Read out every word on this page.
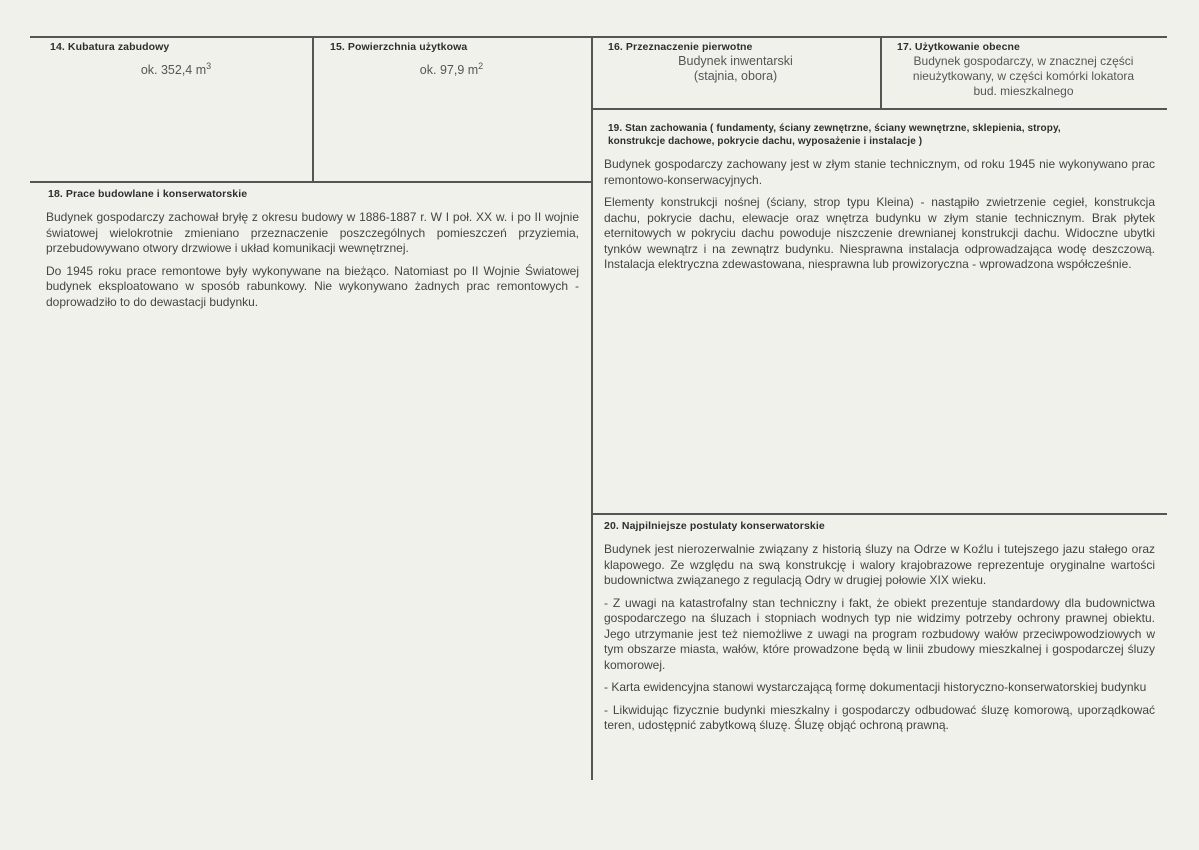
14. Kubatura zabudowy
ok. 352,4 $m^3$
15. Powierzchnia użytkowa
ok. 97,9 $m^2$
16. Przeznaczenie pierwotne
Budynek inwentarski
(stajnia, obora)
17. Użytkowanie obecne
Budynek gospodarczy, w znacznej części
nieużytkowany, w części komórki lokatora
bud. mieszkalnego
18. Prace budowlane i konserwatorskie

Budynek gospodarczy zachował bryłę z okresu budowy w 1886-1887 r. W I poł. XX w. i po II wojnie światowej wielokrotnie zmieniano przeznaczenie poszczególnych pomieszczeń przyziemia, przebudowywano otwory drzwiowe i układ komunikacji wewnętrznej.

Do 1945 roku prace remontowe były wykonywane na bieżąco. Natomiast po II Wojnie Światowej budynek eksploatowano w sposób rabunkowy. Nie wykonywano żadnych prac remontowych - doprowadziło to do dewastacji budynku.

19. Stan zachowania ( fundamenty, ściany zewnętrzne, ściany wewnętrzne, sklepienia, stropy,
konstrukcje dachowe, pokrycie dachu, wyposażenie i instalacje )

Budynek gospodarczy zachowany jest w złym stanie technicznym, od roku 1945 nie wykonywano prac remontowo-konserwacyjnych.

Elementy konstrukcji nośnej (ściany, strop typu Kleina) - nastąpiło zwietrzenie cegieł, konstrukcja dachu, pokrycie dachu, elewacje oraz wnętrza budynku w złym stanie technicznym. Brak płytek eternitowych w pokryciu dachu powoduje niszczenie drewnianej konstrukcji dachu. Widoczne ubytki tynków wewnątrz i na zewnątrz budynku. Niesprawna instalacja odprowadzająca wodę deszczową. Instalacja elektryczna zdewastowana, niesprawna lub prowizoryczna - wprowadzona współcześnie.

20. Najpilniejsze postulaty konserwatorskie

Budynek jest nierozerwalnie związany z historią śluzy na Odrze w Koźlu i tutejszego jazu stałego oraz klapowego. Ze względu na swą konstrukcję i walory krajobrazowe reprezentuje oryginalne wartości budownictwa związanego z regulacją Odry w drugiej połowie XIX wieku.

- Z uwagi na katastrofalny stan techniczny i fakt, że obiekt prezentuje standardowy dla budownictwa gospodarczego na śluzach i stopniach wodnych typ nie widzimy potrzeby ochrony prawnej obiektu. Jego utrzymanie jest też niemożliwe z uwagi na program rozbudowy wałów przeciwpowodziowych w tym obszarze miasta, wałów, które prowadzone będą w linii zbudowy mieszkalnej i gospodarczej śluzy komorowej.

- Karta ewidencyjna stanowi wystarczającą formę dokumentacji historyczno-konserwatorskiej budynku

- Likwidując fizycznie budynki mieszkalny i gospodarczy odbudować śluzę komorową, uporządkować teren, udostępnić zabytkową śluzę. Śluzę objąć ochroną prawną.
